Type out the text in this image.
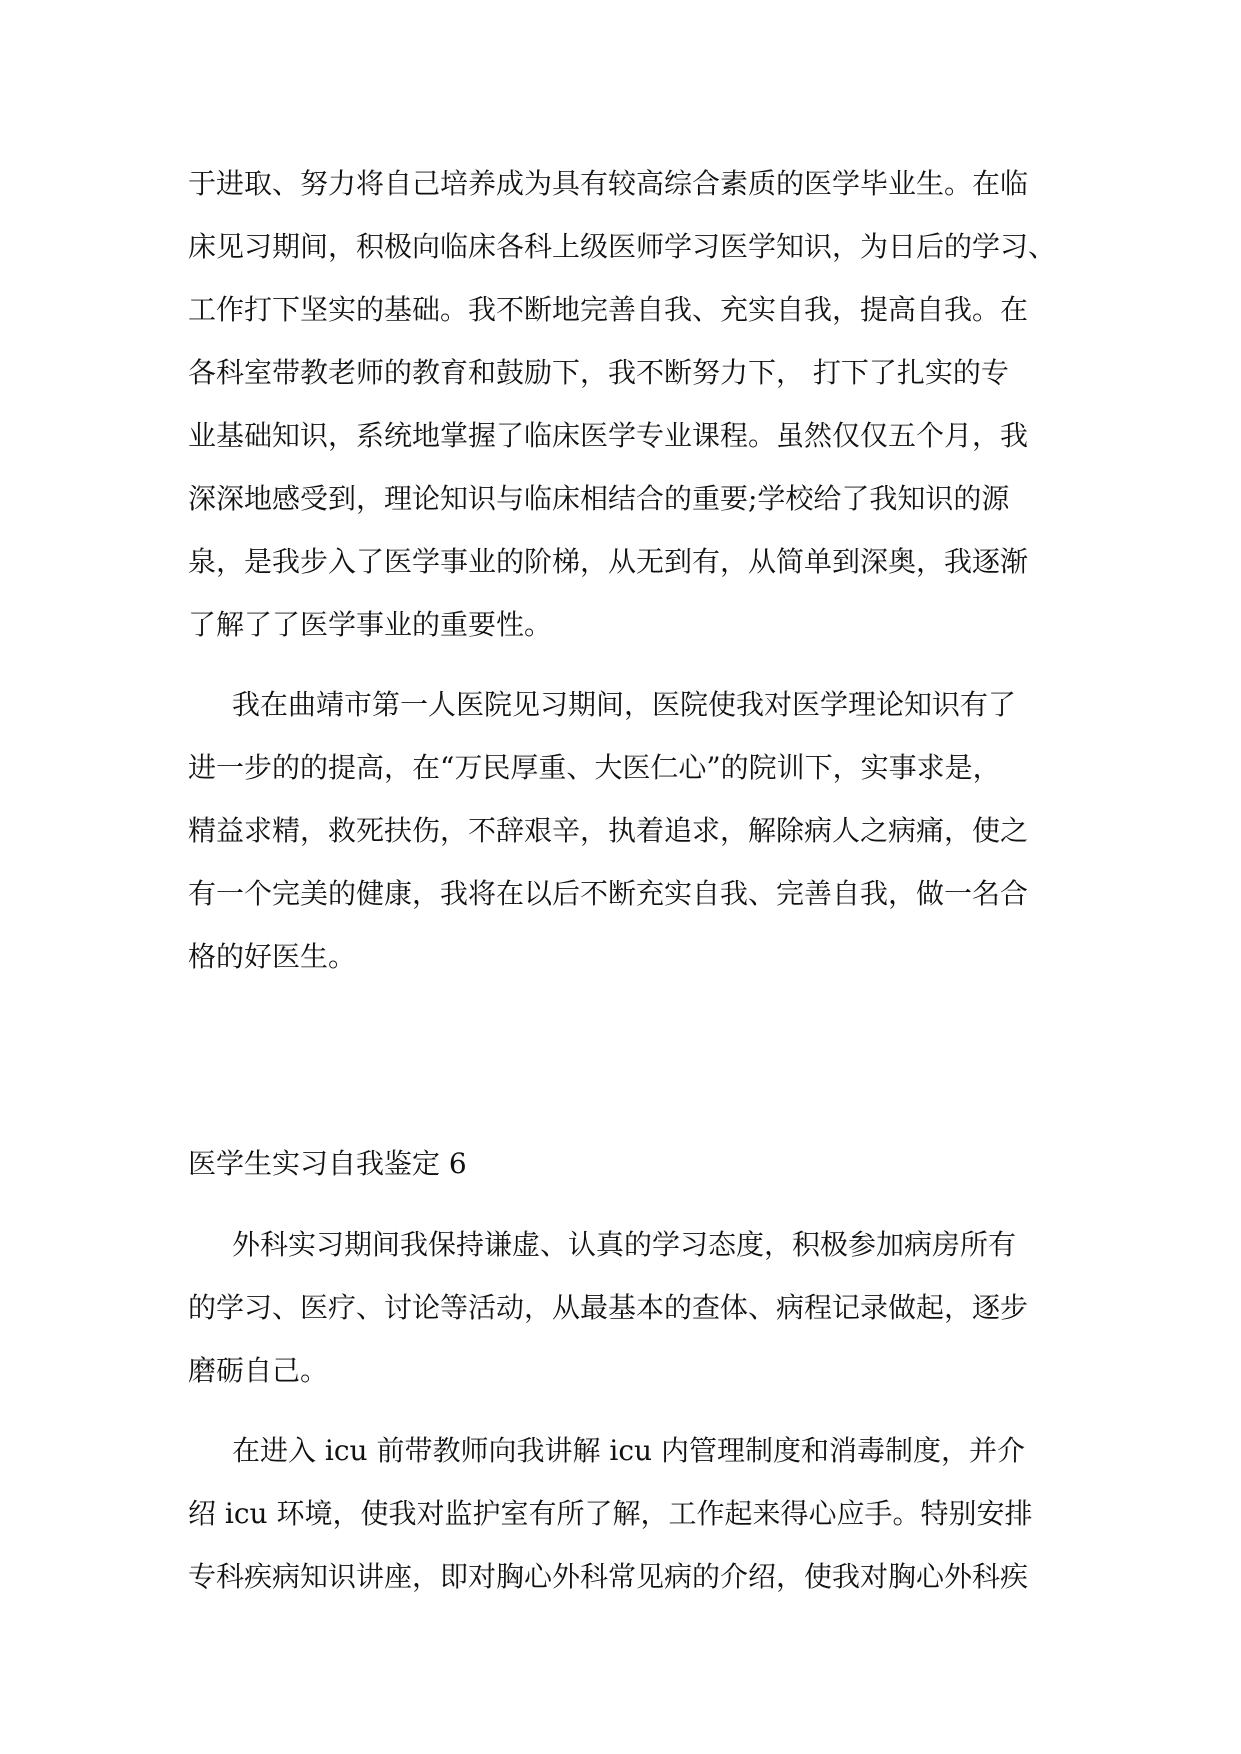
于进取、努力将自己培养成为具有较高综合素质的医学毕业生。在临
床见习期间，积极向临床各科上级医师学习医学知识，为日后的学习、
工作打下坚实的基础。我不断地完善自我、充实自我，提高自我。在
各科室带教老师的教育和鼓励下，我不断努力下， 打下了扎实的专
业基础知识，系统地掌握了临床医学专业课程。虽然仅仅五个月，我
深深地感受到，理论知识与临床相结合的重要;学校给了我知识的源
泉，是我步入了医学事业的阶梯，从无到有，从简单到深奥，我逐渐
了解了了医学事业的重要性。
我在曲靖市第一人医院见习期间，医院使我对医学理论知识有了
进一步的的提高，在“万民厚重、大医仁心”的院训下，实事求是，
精益求精，救死扶伤，不辞艰辛，执着追求，解除病人之病痛，使之
有一个完美的健康，我将在以后不断充实自我、完善自我，做一名合
格的好医生。
医学生实习自我鉴定 6
外科实习期间我保持谦虚、认真的学习态度，积极参加病房所有
的学习、医疗、讨论等活动，从最基本的查体、病程记录做起，逐步
磨砺自己。
在进入 icu 前带教师向我讲解 icu 内管理制度和消毒制度，并介
绍 icu 环境，使我对监护室有所了解，工作起来得心应手。特别安排
专科疾病知识讲座，即对胸心外科常见病的介绍，使我对胸心外科疾
